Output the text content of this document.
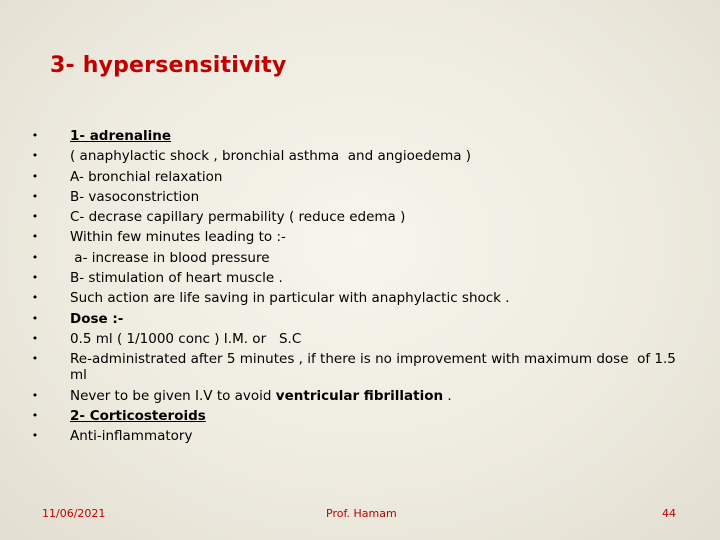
3- hypersensitivity
• 1- adrenaline
• ( anaphylactic shock , bronchial asthma  and angioedema )
• A- bronchial relaxation
• B- vasoconstriction
• C- decrase capillary permability ( reduce edema )
• Within few minutes leading to :-
• a- increase in blood pressure
• B- stimulation of heart muscle .
• Such action are life saving in particular with anaphylactic shock .
• Dose :-
• 0.5 ml ( 1/1000 conc ) I.M. or   S.C
• Re-administrated after 5 minutes , if there is no improvement with maximum dose  of 1.5 ml
• Never to be given I.V to avoid ventricular fibrillation .
• 2- Corticosteroids
• Anti-inflammatory
11/06/2021	Prof. Hamam	44
